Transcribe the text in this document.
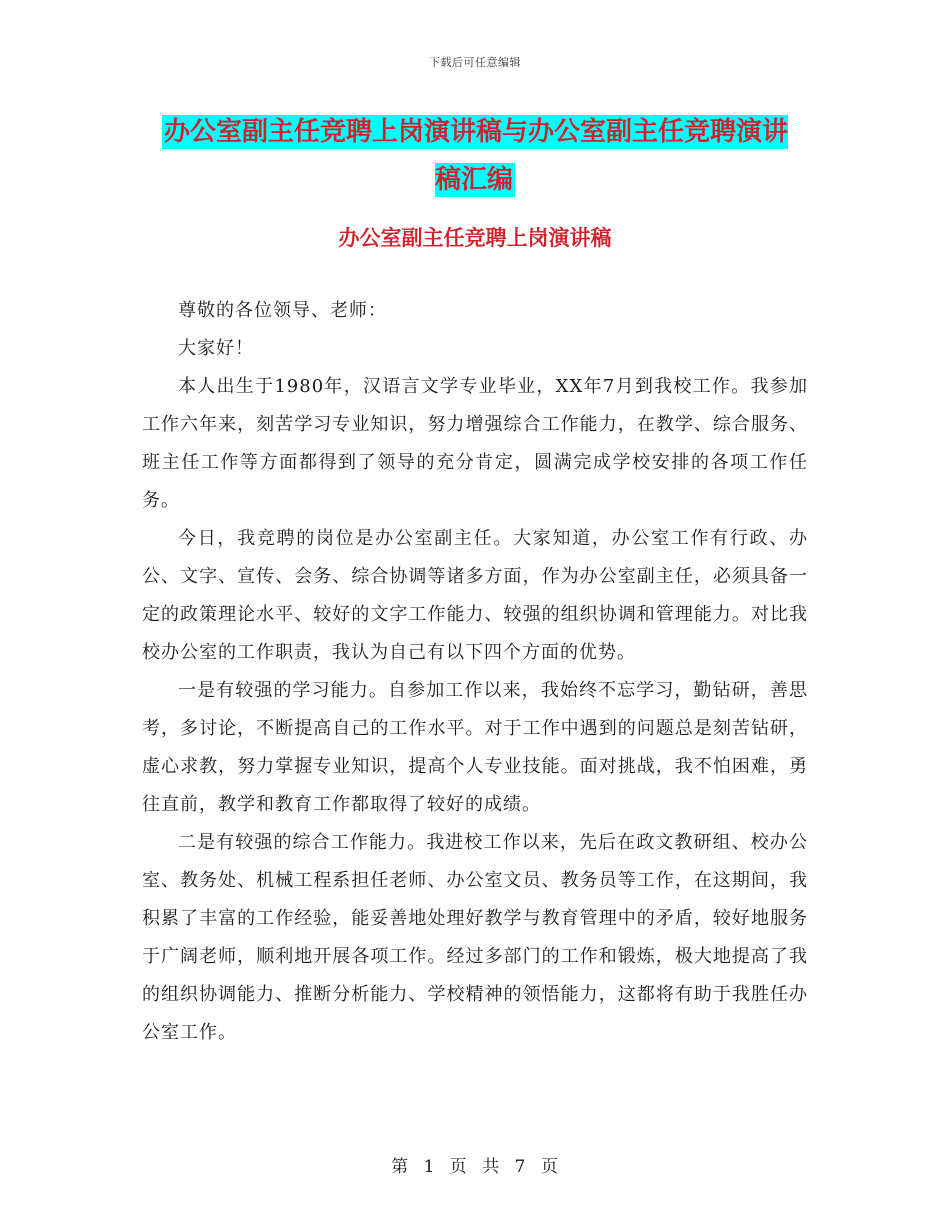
下载后可任意编辑
办公室副主任竞聘上岗演讲稿与办公室副主任竞聘演讲稿汇编
办公室副主任竞聘上岗演讲稿

尊敬的各位领导、老师：

大家好！

本人出生于1980年，汉语言文学专业毕业，XX年7月到我校工作。我参加工作六年来，刻苦学习专业知识，努力增强综合工作能力，在教学、综合服务、班主任工作等方面都得到了领导的充分肯定，圆满完成学校安排的各项工作任务。

今日，我竞聘的岗位是办公室副主任。大家知道，办公室工作有行政、办公、文字、宣传、会务、综合协调等诸多方面，作为办公室副主任，必须具备一定的政策理论水平、较好的文字工作能力、较强的组织协调和管理能力。对比我校办公室的工作职责，我认为自己有以下四个方面的优势。

一是有较强的学习能力。自参加工作以来，我始终不忘学习，勤钻研，善思考，多讨论，不断提高自己的工作水平。对于工作中遇到的问题总是刻苦钻研，虚心求教，努力掌握专业知识，提高个人专业技能。面对挑战，我不怕困难，勇往直前，教学和教育工作都取得了较好的成绩。

二是有较强的综合工作能力。我进校工作以来，先后在政文教研组、校办公室、教务处、机械工程系担任老师、办公室文员、教务员等工作，在这期间，我积累了丰富的工作经验，能妥善地处理好教学与教育管理中的矛盾，较好地服务于广阔老师，顺利地开展各项工作。经过多部门的工作和锻炼，极大地提高了我的组织协调能力、推断分析能力、学校精神的领悟能力，这都将有助于我胜任办公室工作。

第 1 页 共 7 页
